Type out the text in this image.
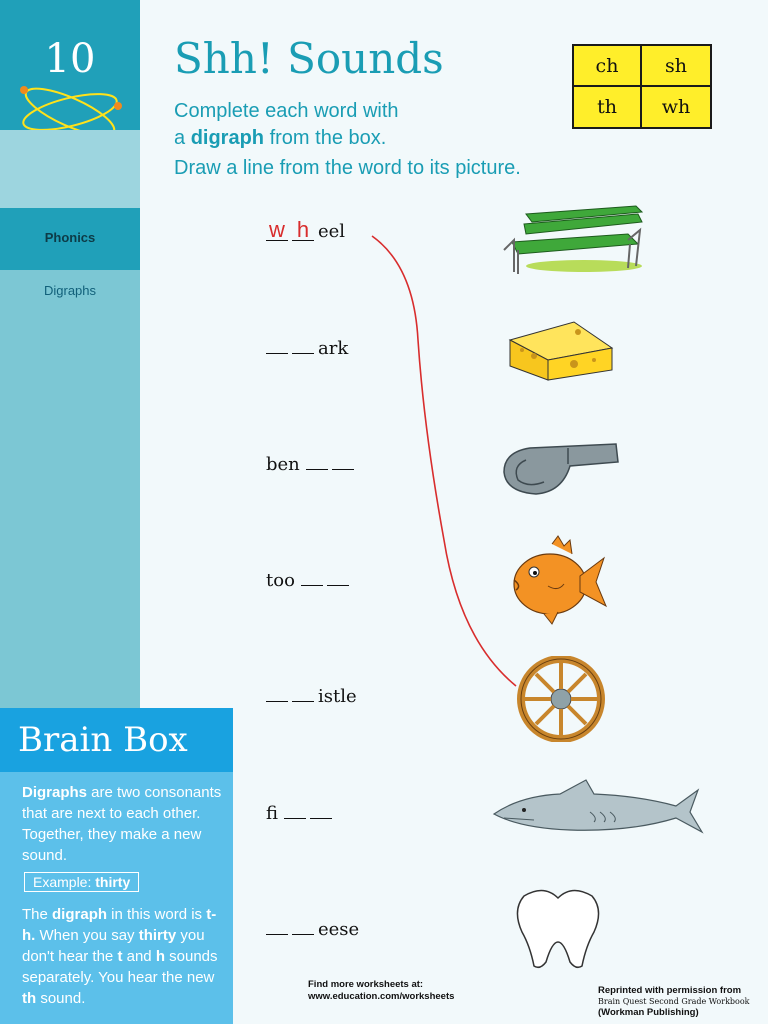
10
Phonics
Digraphs
Brain Box
Digraphs are two consonants that are next to each other. Together, they make a new sound.
Example: thirty
The digraph in this word is t-h. When you say thirty you don't hear the t and h sounds separately. You hear the new th sound.
Shh! Sounds
Complete each word with
a digraph from the box.
Draw a line from the word to its picture.
ch	sh
th	wh
w h eel
ark
ben
too
istle
fi
eese
Find more worksheets at:
www.education.com/worksheets
Reprinted with permission from
Brain Quest Second Grade Workbook
(Workman Publishing)
